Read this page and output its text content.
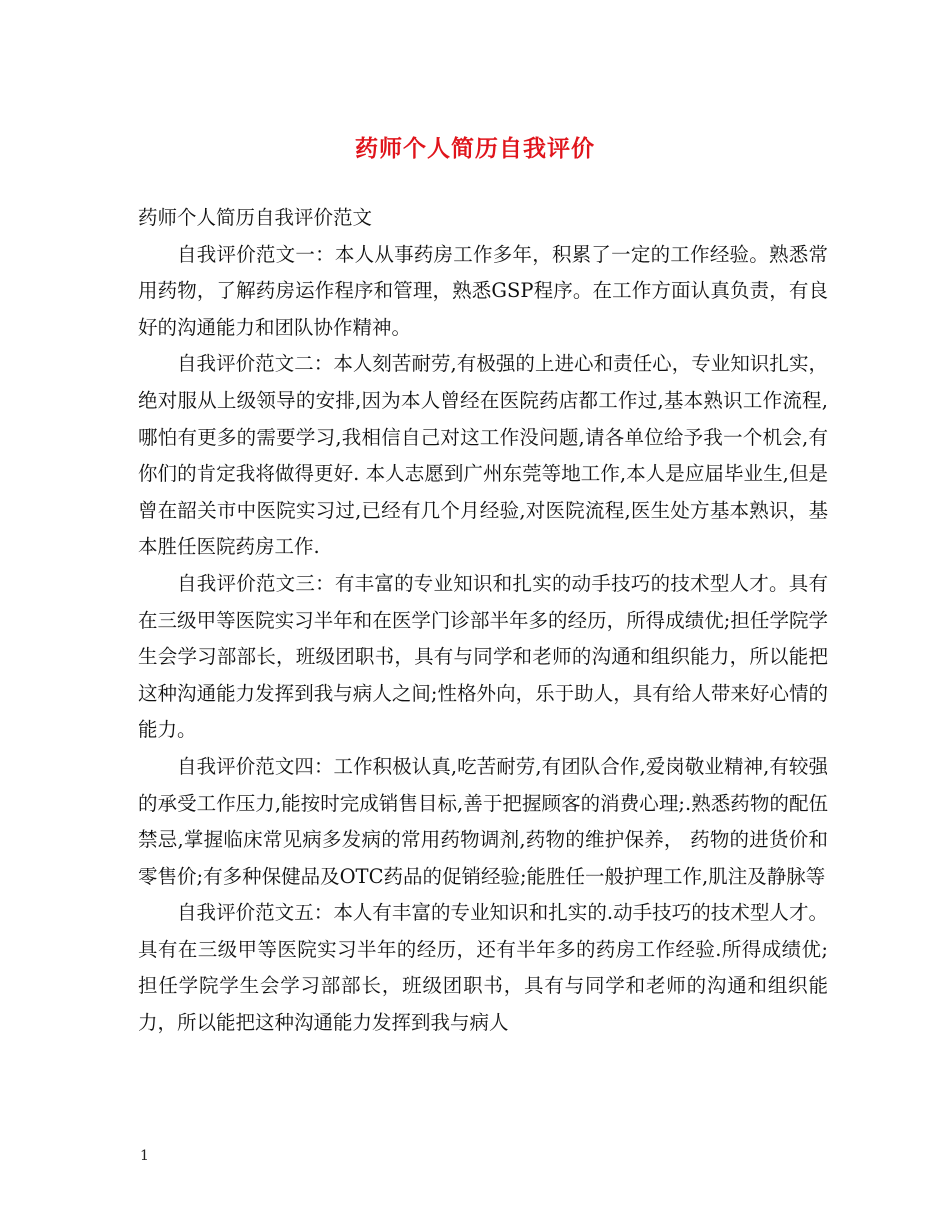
药师个人简历自我评价

药师个人简历自我评价范文

自我评价范文一：本人从事药房工作多年，积累了一定的工作经验。熟悉常用药物，了解药房运作程序和管理，熟悉GSP程序。在工作方面认真负责，有良好的沟通能力和团队协作精神。

自我评价范文二：本人刻苦耐劳,有极强的上进心和责任心，专业知识扎实，绝对服从上级领导的安排,因为本人曾经在医院药店都工作过,基本熟识工作流程,哪怕有更多的需要学习,我相信自己对这工作没问题,请各单位给予我一个机会,有你们的肯定我将做得更好. 本人志愿到广州东莞等地工作,本人是应届毕业生,但是曾在韶关市中医院实习过,已经有几个月经验,对医院流程,医生处方基本熟识，基本胜任医院药房工作.

自我评价范文三：有丰富的专业知识和扎实的动手技巧的技术型人才。具有在三级甲等医院实习半年和在医学门诊部半年多的经历，所得成绩优;担任学院学生会学习部部长，班级团职书，具有与同学和老师的沟通和组织能力，所以能把这种沟通能力发挥到我与病人之间;性格外向，乐于助人，具有给人带来好心情的能力。

自我评价范文四：工作积极认真,吃苦耐劳,有团队合作,爱岗敬业精神,有较强的承受工作压力,能按时完成销售目标,善于把握顾客的消费心理;.熟悉药物的配伍禁忌,掌握临床常见病多发病的常用药物调剂,药物的维护保养， 药物的进货价和零售价;有多种保健品及OTC药品的促销经验;能胜任一般护理工作,肌注及静脉等

自我评价范文五：本人有丰富的专业知识和扎实的.动手技巧的技术型人才。具有在三级甲等医院实习半年的经历，还有半年多的药房工作经验.所得成绩优;担任学院学生会学习部部长，班级团职书，具有与同学和老师的沟通和组织能力，所以能把这种沟通能力发挥到我与病人

1
